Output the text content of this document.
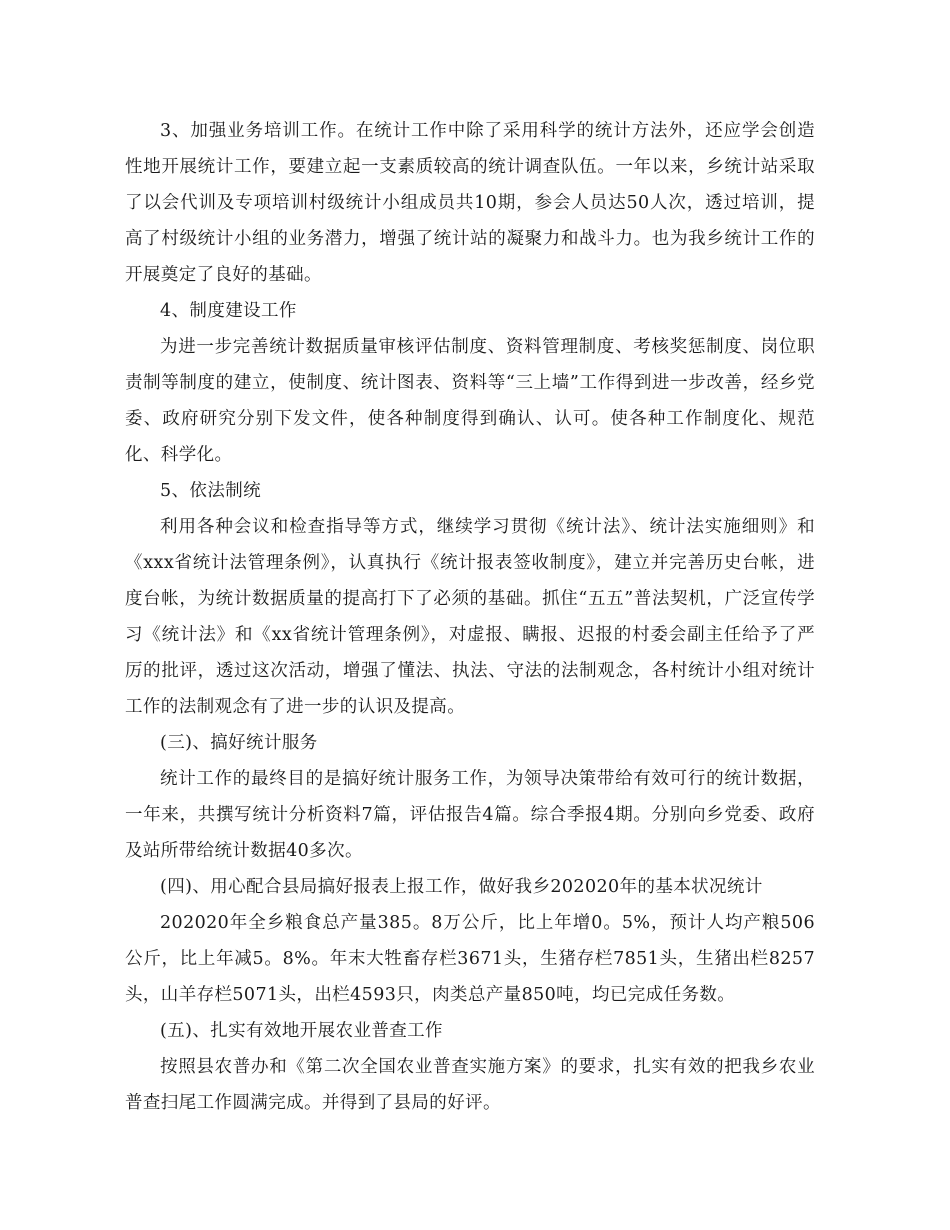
3、加强业务培训工作。在统计工作中除了采用科学的统计方法外，还应学会创造性地开展统计工作，要建立起一支素质较高的统计调查队伍。一年以来，乡统计站采取了以会代训及专项培训村级统计小组成员共10期，参会人员达50人次，透过培训，提高了村级统计小组的业务潜力，增强了统计站的凝聚力和战斗力。也为我乡统计工作的开展奠定了良好的基础。

4、制度建设工作

为进一步完善统计数据质量审核评估制度、资料管理制度、考核奖惩制度、岗位职责制等制度的建立，使制度、统计图表、资料等“三上墙”工作得到进一步改善，经乡党委、政府研究分别下发文件，使各种制度得到确认、认可。使各种工作制度化、规范化、科学化。

5、依法制统

利用各种会议和检查指导等方式，继续学习贯彻《统计法》、统计法实施细则》和《xxx省统计法管理条例》，认真执行《统计报表签收制度》，建立并完善历史台帐，进度台帐，为统计数据质量的提高打下了必须的基础。抓住“五五”普法契机，广泛宣传学习《统计法》和《xx省统计管理条例》，对虚报、瞒报、迟报的村委会副主任给予了严厉的批评，透过这次活动，增强了懂法、执法、守法的法制观念，各村统计小组对统计工作的法制观念有了进一步的认识及提高。

(三)、搞好统计服务

统计工作的最终目的是搞好统计服务工作，为领导决策带给有效可行的统计数据，一年来，共撰写统计分析资料7篇，评估报告4篇。综合季报4期。分别向乡党委、政府及站所带给统计数据40多次。

(四)、用心配合县局搞好报表上报工作，做好我乡202020年的基本状况统计

202020年全乡粮食总产量385。8万公斤，比上年增0。5%，预计人均产粮506公斤，比上年减5。8%。年末大牲畜存栏3671头，生猪存栏7851头，生猪出栏8257头，山羊存栏5071头，出栏4593只，肉类总产量850吨，均已完成任务数。

(五)、扎实有效地开展农业普查工作

按照县农普办和《第二次全国农业普查实施方案》的要求，扎实有效的把我乡农业普查扫尾工作圆满完成。并得到了县局的好评。
